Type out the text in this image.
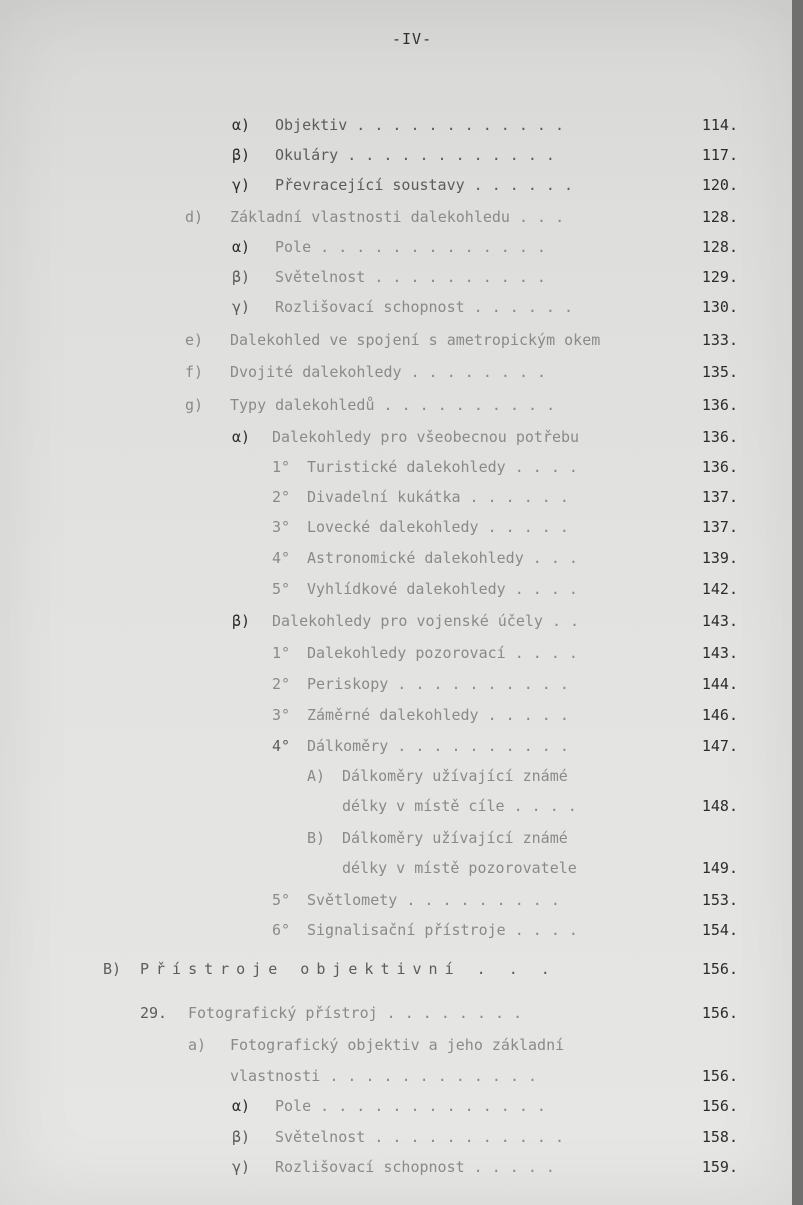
-IV-
α) Objektiv . . . . . . . . . . . .	114.
β) Okuláry . . . . . . . . . . . .	117.
γ) Převracející soustavy . . . . . .	120.
d) Základní vlastnosti dalekohledu . . .	128.
α) Pole . . . . . . . . . . . . .	128.
β) Světelnost . . . . . . . . . .	129.
γ) Rozlišovací schopnost . . . . . .	130.
e) Dalekohled ve spojení s ametropickým okem	133.
f) Dvojité dalekohledy . . . . . . . .	135.
g) Typy dalekohledů . . . . . . . . . .	136.
α) Dalekohledy pro všeobecnou potřebu	136.
1° Turistické dalekohledy . . . .	136.
2° Divadelní kukátka . . . . . .	137.
3° Lovecké dalekohledy . . . . .	137.
4° Astronomické dalekohledy . . .	139.
5° Vyhlídkové dalekohledy . . . .	142.
β) Dalekohledy pro vojenské účely . .	143.
1° Dalekohledy pozorovací . . . .	143.
2° Periskopy . . . . . . . . . .	144.
3° Záměrné dalekohledy . . . . .	146.
4° Dálkoměry . . . . . . . . . .	147.
A) Dálkoměry užívající známé
délky v místě cíle . . . .	148.
B) Dálkoměry užívající známé
délky v místě pozorovatele	149.
5° Světlomety . . . . . . . . .	153.
6° Signalisační přístroje . . . .	154.
B) Přístroje objektivní . . .	156.
29. Fotografický přístroj . . . . . . . .	156.
a) Fotografický objektiv a jeho základní
vlastnosti . . . . . . . . . . . .	156.
α) Pole . . . . . . . . . . . . .	156.
β) Světelnost . . . . . . . . . . .	158.
γ) Rozlišovací schopnost . . . . .	159.
